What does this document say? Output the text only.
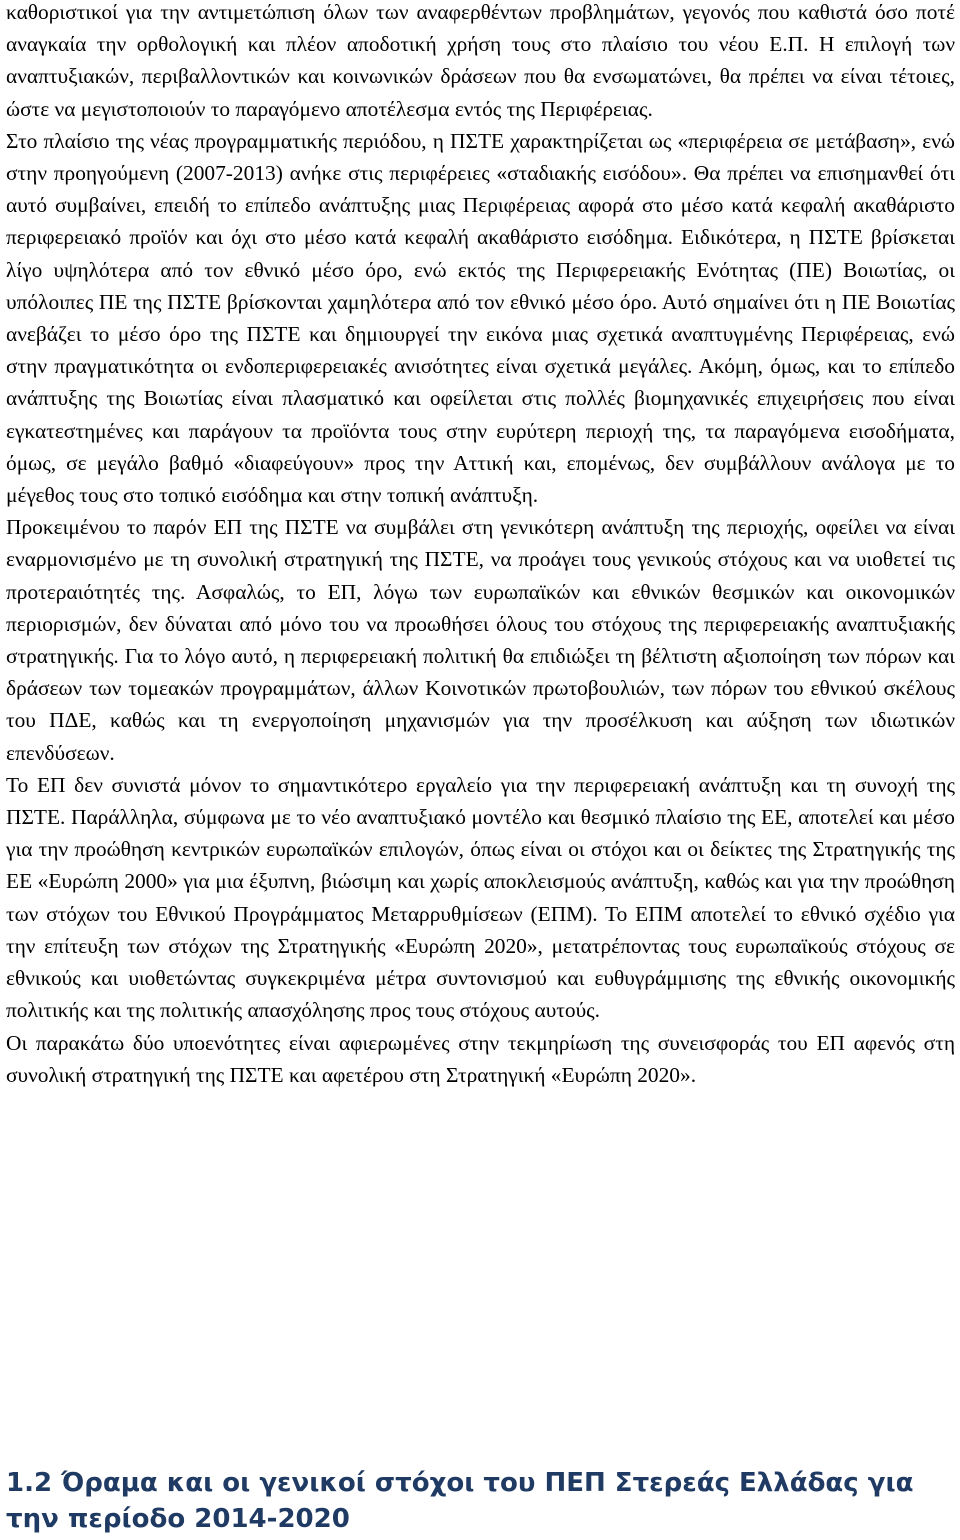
καθοριστικοί για την αντιμετώπιση όλων των αναφερθέντων προβλημάτων, γεγονός που καθιστά όσο ποτέ αναγκαία την ορθολογική και πλέον αποδοτική χρήση τους στο πλαίσιο του νέου Ε.Π. Η επιλογή των αναπτυξιακών, περιβαλλοντικών και κοινωνικών δράσεων που θα ενσωματώνει, θα πρέπει να είναι τέτοιες, ώστε να μεγιστοποιούν το παραγόμενο αποτέλεσμα εντός της Περιφέρειας.

Στο πλαίσιο της νέας προγραμματικής περιόδου, η ΠΣΤΕ χαρακτηρίζεται ως «περιφέρεια σε μετάβαση», ενώ στην προηγούμενη (2007-2013) ανήκε στις περιφέρειες «σταδιακής εισόδου». Θα πρέπει να επισημανθεί ότι αυτό συμβαίνει, επειδή το επίπεδο ανάπτυξης μιας Περιφέρειας αφορά στο μέσο κατά κεφαλή ακαθάριστο περιφερειακό προϊόν και όχι στο μέσο κατά κεφαλή ακαθάριστο εισόδημα. Ειδικότερα, η ΠΣΤΕ βρίσκεται λίγο υψηλότερα από τον εθνικό μέσο όρο, ενώ εκτός της Περιφερειακής Ενότητας (ΠΕ) Βοιωτίας, οι υπόλοιπες ΠΕ της ΠΣΤΕ βρίσκονται χαμηλότερα από τον εθνικό μέσο όρο. Αυτό σημαίνει ότι η ΠΕ Βοιωτίας ανεβάζει το μέσο όρο της ΠΣΤΕ και δημιουργεί την εικόνα μιας σχετικά αναπτυγμένης Περιφέρειας, ενώ στην πραγματικότητα οι ενδοπεριφερειακές ανισότητες είναι σχετικά μεγάλες. Ακόμη, όμως, και το επίπεδο ανάπτυξης της Βοιωτίας είναι πλασματικό και οφείλεται στις πολλές βιομηχανικές επιχειρήσεις που είναι εγκατεστημένες και παράγουν τα προϊόντα τους στην ευρύτερη περιοχή της, τα παραγόμενα εισοδήματα, όμως, σε μεγάλο βαθμό «διαφεύγουν» προς την Αττική και, επομένως, δεν συμβάλλουν ανάλογα με το μέγεθος τους στο τοπικό εισόδημα και στην τοπική ανάπτυξη.

Προκειμένου το παρόν ΕΠ της ΠΣΤΕ να συμβάλει στη γενικότερη ανάπτυξη της περιοχής, οφείλει να είναι εναρμονισμένο με τη συνολική στρατηγική της ΠΣΤΕ, να προάγει τους γενικούς στόχους και να υιοθετεί τις προτεραιότητές της. Ασφαλώς, το ΕΠ, λόγω των ευρωπαϊκών και εθνικών θεσμικών και οικονομικών περιορισμών, δεν δύναται από μόνο του να προωθήσει όλους του στόχους της περιφερειακής αναπτυξιακής στρατηγικής. Για το λόγο αυτό, η περιφερειακή πολιτική θα επιδιώξει τη βέλτιστη αξιοποίηση των πόρων και δράσεων των τομεακών προγραμμάτων, άλλων Κοινοτικών πρωτοβουλιών, των πόρων του εθνικού σκέλους του ΠΔΕ, καθώς και τη ενεργοποίηση μηχανισμών για την προσέλκυση και αύξηση των ιδιωτικών επενδύσεων.

Το ΕΠ δεν συνιστά μόνον το σημαντικότερο εργαλείο για την περιφερειακή ανάπτυξη και τη συνοχή της ΠΣΤΕ. Παράλληλα, σύμφωνα με το νέο αναπτυξιακό μοντέλο και θεσμικό πλαίσιο της ΕΕ, αποτελεί και μέσο για την προώθηση κεντρικών ευρωπαϊκών επιλογών, όπως είναι οι στόχοι και οι δείκτες της Στρατηγικής της ΕΕ «Ευρώπη 2000» για μια έξυπνη, βιώσιμη και χωρίς αποκλεισμούς ανάπτυξη, καθώς και για την προώθηση των στόχων του Εθνικού Προγράμματος Μεταρρυθμίσεων (ΕΠΜ). Το ΕΠΜ αποτελεί το εθνικό σχέδιο για την επίτευξη των στόχων της Στρατηγικής «Ευρώπη 2020», μετατρέποντας τους ευρωπαϊκούς στόχους σε εθνικούς και υιοθετώντας συγκεκριμένα μέτρα συντονισμού και ευθυγράμμισης της εθνικής οικονομικής πολιτικής και της πολιτικής απασχόλησης προς τους στόχους αυτούς.

Οι παρακάτω δύο υποενότητες είναι αφιερωμένες στην τεκμηρίωση της συνεισφοράς του ΕΠ αφενός στη συνολική στρατηγική της ΠΣΤΕ και αφετέρου στη Στρατηγική «Ευρώπη 2020».

1.2 Όραμα και οι γενικοί στόχοι του ΠΕΠ Στερεάς Ελλάδας για την περίοδο 2014-2020
